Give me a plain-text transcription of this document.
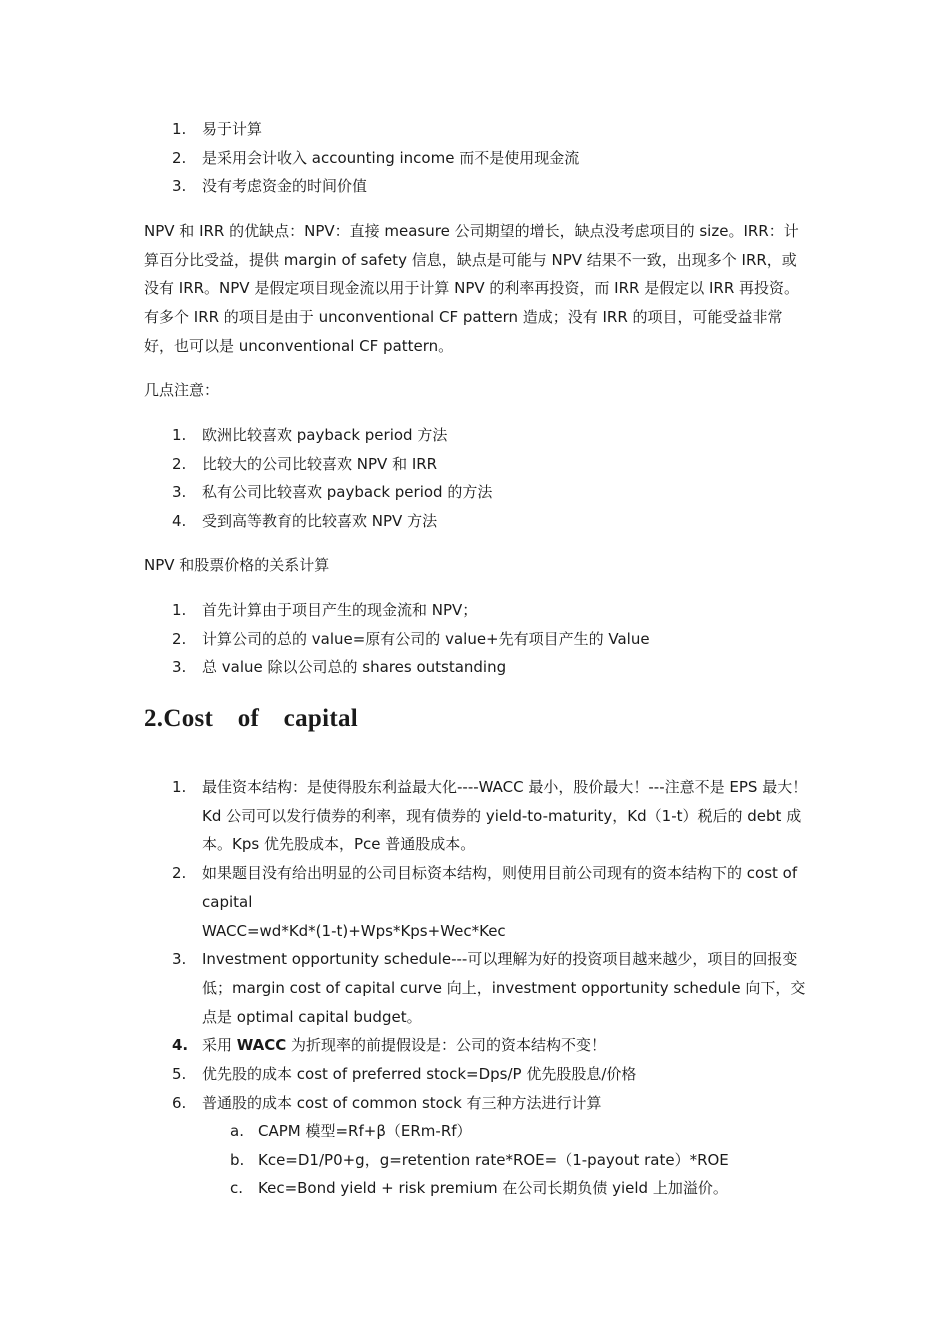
1. 易于计算
2. 是采用会计收入 accounting income 而不是使用现金流
3. 没有考虑资金的时间价值
NPV 和 IRR 的优缺点：NPV：直接 measure 公司期望的增长，缺点没考虑项目的 size。IRR：计算百分比受益，提供 margin of safety 信息，缺点是可能与 NPV 结果不一致，出现多个 IRR，或没有 IRR。NPV 是假定项目现金流以用于计算 NPV 的利率再投资，而 IRR 是假定以 IRR 再投资。有多个 IRR 的项目是由于 unconventional CF pattern 造成；没有 IRR 的项目，可能受益非常好，也可以是 unconventional CF pattern。
几点注意：
1. 欧洲比较喜欢 payback period 方法
2. 比较大的公司比较喜欢 NPV 和 IRR
3. 私有公司比较喜欢 payback period 的方法
4. 受到高等教育的比较喜欢 NPV 方法
NPV 和股票价格的关系计算
1. 首先计算由于项目产生的现金流和 NPV；
2. 计算公司的总的 value=原有公司的 value+先有项目产生的 Value
3. 总 value 除以公司总的 shares outstanding
2.Cost of capital
1. 最佳资本结构：是使得股东利益最大化----WACC 最小，股价最大！---注意不是 EPS 最大！Kd 公司可以发行债券的利率，现有债券的 yield-to-maturity，Kd（1-t）税后的 debt 成本。Kps 优先股成本，Pce 普通股成本。
2. 如果题目没有给出明显的公司目标资本结构，则使用目前公司现有的资本结构下的 cost of capital
WACC=wd*Kd*(1-t)+Wps*Kps+Wec*Kec
3. Investment opportunity schedule---可以理解为好的投资项目越来越少，项目的回报变低；margin cost of capital curve 向上，investment opportunity schedule 向下，交点是 optimal capital budget。
4. 采用 WACC 为折现率的前提假设是：公司的资本结构不变！
5. 优先股的成本 cost of preferred stock=Dps/P 优先股股息/价格
6. 普通股的成本 cost of common stock 有三种方法进行计算
a. CAPM 模型=Rf+β（ERm-Rf）
b. Kce=D1/P0+g，g=retention rate*ROE=（1-payout rate）*ROE
c. Kec=Bond yield + risk premium 在公司长期负债 yield 上加溢价。
